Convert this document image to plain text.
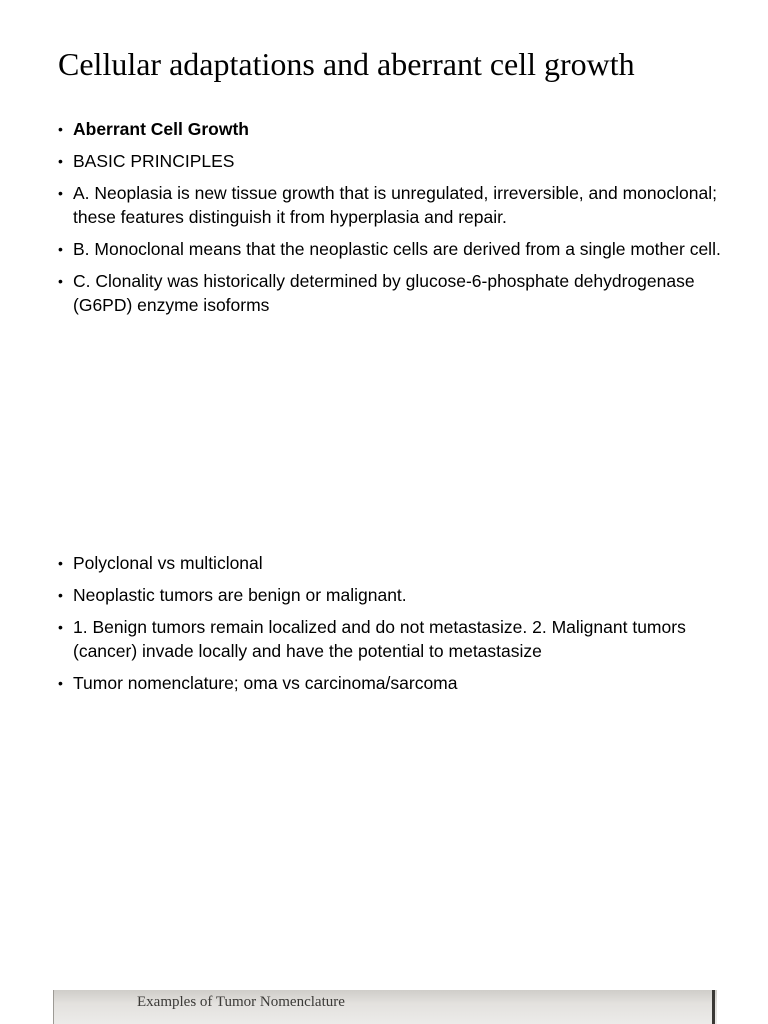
Cellular adaptations and aberrant cell growth
• Aberrant Cell Growth
• BASIC PRINCIPLES
• A. Neoplasia is new tissue growth that is unregulated, irreversible, and monoclonal; these features distinguish it from hyperplasia and repair.
• B. Monoclonal means that the neoplastic cells are derived from a single mother cell.
• C. Clonality was historically determined by glucose-6-phosphate dehydrogenase (G6PD) enzyme isoforms
• Polyclonal vs multiclonal
• Neoplastic tumors are benign or malignant.
• 1. Benign tumors remain localized and do not metastasize. 2. Malignant tumors (cancer) invade locally and have the potential to metastasize
• Tumor nomenclature; oma vs carcinoma/sarcoma
Examples of Tumor Nomenclature
